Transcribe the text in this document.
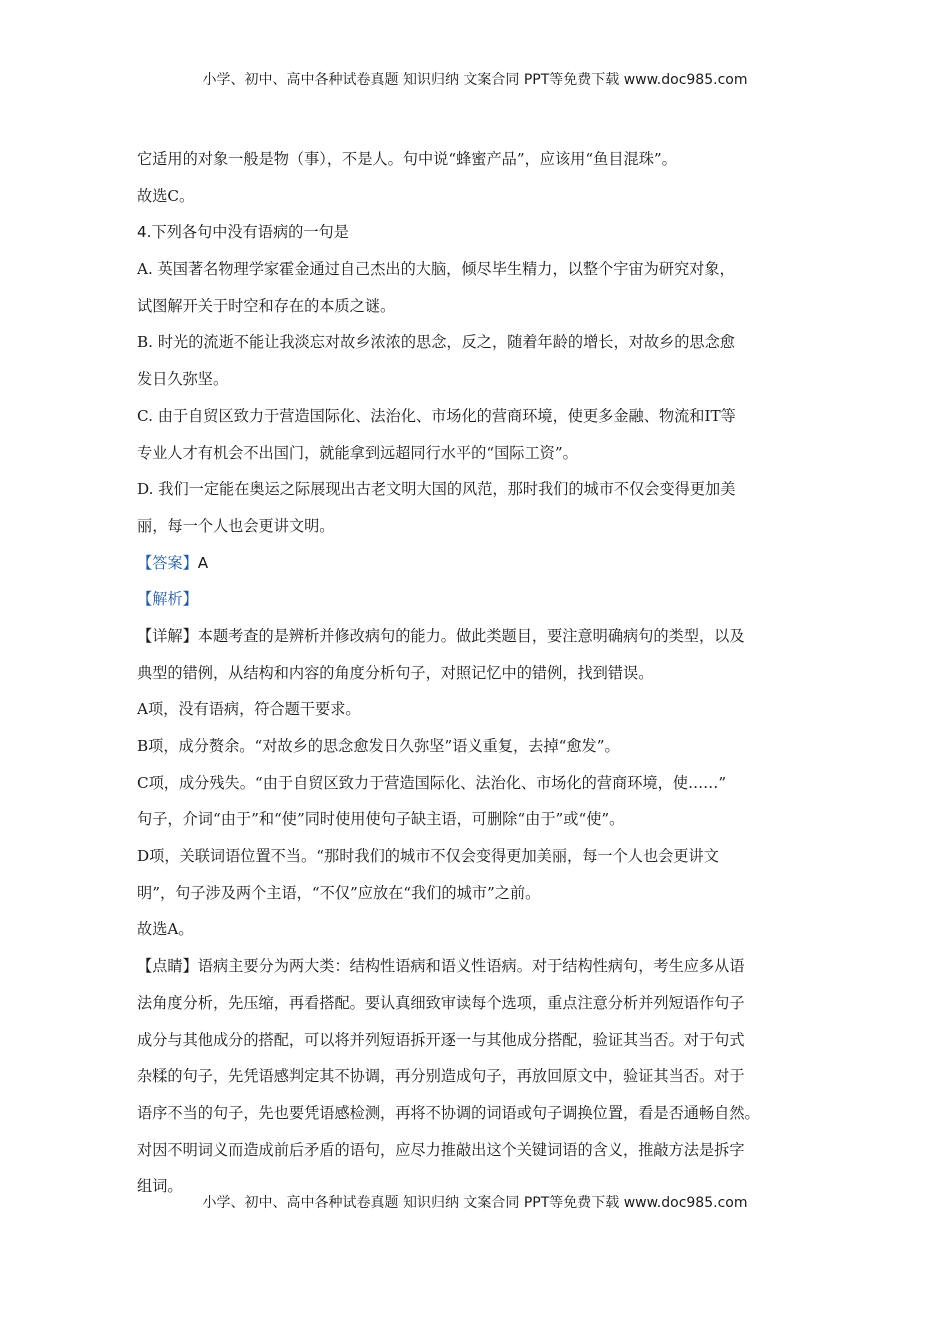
小学、初中、高中各种试卷真题 知识归纳 文案合同 PPT等免费下载 www.doc985.com
它适用的对象一般是物（事），不是人。句中说“蜂蜜产品”，应该用“鱼目混珠”。
故选C。
4.下列各句中没有语病的一句是
A. 英国著名物理学家霍金通过自己杰出的大脑，倾尽毕生精力，以整个宇宙为研究对象，
试图解开关于时空和存在的本质之谜。
B. 时光的流逝不能让我淡忘对故乡浓浓的思念，反之，随着年龄的增长，对故乡的思念愈
发日久弥坚。
C. 由于自贸区致力于营造国际化、法治化、市场化的营商环境，使更多金融、物流和IT等
专业人才有机会不出国门，就能拿到远超同行水平的“国际工资”。
D. 我们一定能在奥运之际展现出古老文明大国的风范，那时我们的城市不仅会变得更加美
丽，每一个人也会更讲文明。
【答案】A
【解析】
【详解】本题考查的是辨析并修改病句的能力。做此类题目，要注意明确病句的类型，以及
典型的错例，从结构和内容的角度分析句子，对照记忆中的错例，找到错误。
A项，没有语病，符合题干要求。
B项，成分赘余。“对故乡的思念愈发日久弥坚”语义重复，去掉“愈发”。
C项，成分残失。“由于自贸区致力于营造国际化、法治化、市场化的营商环境，使……”
句子，介词“由于”和“使”同时使用使句子缺主语，可删除“由于”或“使”。
D项，关联词语位置不当。“那时我们的城市不仅会变得更加美丽，每一个人也会更讲文
明”，句子涉及两个主语，“不仅”应放在“我们的城市”之前。
故选A。
【点睛】语病主要分为两大类：结构性语病和语义性语病。对于结构性病句，考生应多从语
法角度分析，先压缩，再看搭配。要认真细致审读每个选项，重点注意分析并列短语作句子
成分与其他成分的搭配，可以将并列短语拆开逐一与其他成分搭配，验证其当否。对于句式
杂糅的句子，先凭语感判定其不协调，再分别造成句子，再放回原文中，验证其当否。对于
语序不当的句子，先也要凭语感检测，再将不协调的词语或句子调换位置，看是否通畅自然。
对因不明词义而造成前后矛盾的语句，应尽力推敲出这个关键词语的含义，推敲方法是拆字
组词。
小学、初中、高中各种试卷真题 知识归纳 文案合同 PPT等免费下载 www.doc985.com
